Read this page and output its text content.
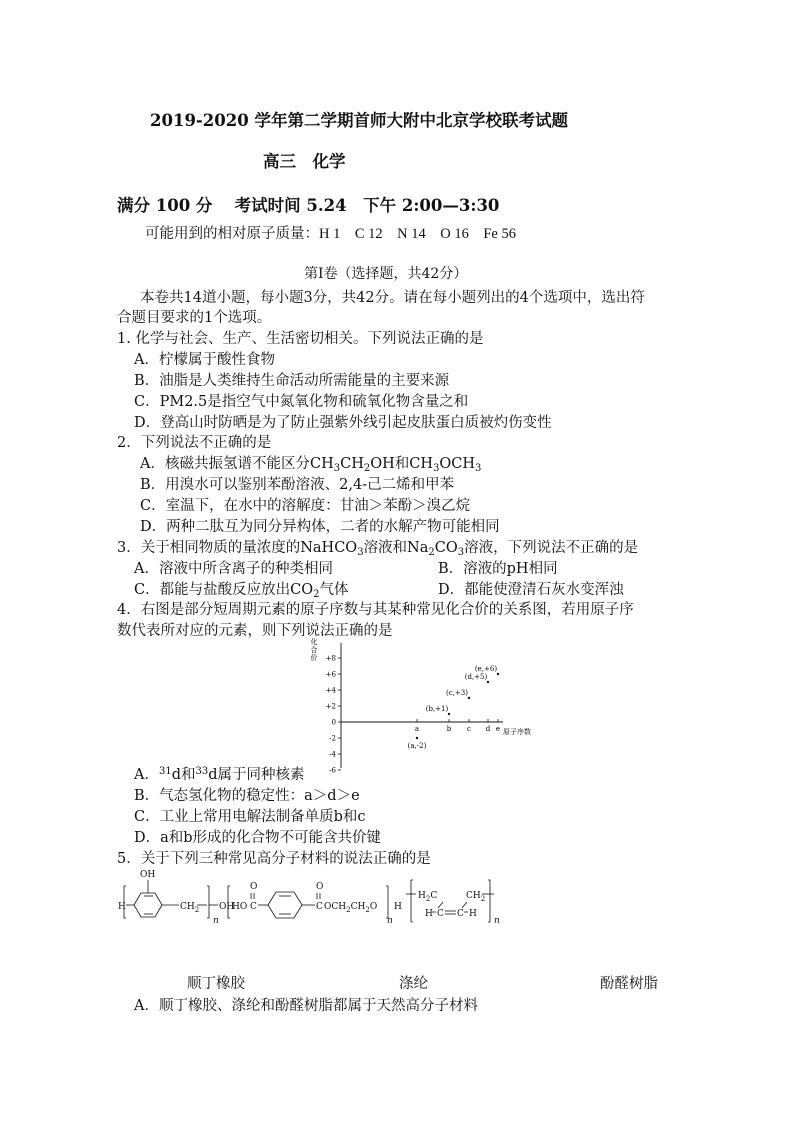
2019-2020 学年第二学期首师大附中北京学校联考试题
高三　化学
满分 100 分　 考试时间 5.24　下午 2:00—3:30
可能用到的相对原子质量：H 1　C 12　N 14　O 16　Fe 56
第Ⅰ卷（选择题，共42分）
本卷共14道小题，每小题3分，共42分。请在每小题列出的4个选项中，选出符
合题目要求的1个选项。
1. 化学与社会、生产、生活密切相关。下列说法正确的是
A．柠檬属于酸性食物
B．油脂是人类维持生命活动所需能量的主要来源
C．PM2.5是指空气中氮氧化物和硫氧化物含量之和
D．登高山时防晒是为了防止强紫外线引起皮肤蛋白质被灼伤变性
2．下列说法不正确的是
A．核磁共振氢谱不能区分$CH_3CH_2OH$和$CH_3OCH_3$
B．用溴水可以鉴别苯酚溶液、2,4-己二烯和甲苯
C．室温下，在水中的溶解度：甘油＞苯酚＞溴乙烷
D．两种二肽互为同分异构体，二者的水解产物可能相同
3．关于相同物质的量浓度的NaHCO$_3$溶液和$Na_2CO_3$溶液，下列说法不正确的是
A．溶液中所含离子的种类相同	B．溶液的pH相同
C．都能与盐酸反应放出$CO_2$气体	D．都能使澄清石灰水变浑浊
4．右图是部分短周期元素的原子序数与其某种常见化合价的关系图，若用原子序
数代表所对应的元素，则下列说法正确的是
化合价
原子序数
+8
+6
+4
+2
0
-2
-4
-6
a
(a,-2)
b
(b,+1)
c
(c,+3)
d
(d,+5)
e
(e,+6)
A．$^{31}$d和$^{33}$d属于同种核素
B．气态氢化物的稳定性：a＞d＞e
C．工业上常用电解法制备单质b和c
D．a和b形成的化合物不可能含共价键
5．关于下列三种常见高分子材料的说法正确的是
H
OH
$CH_2$
n
OH
HO C
O
C
O
$OCH_2CH_2O$
n
H
$H_2C$	$CH_2$
H C C H
n
顺丁橡胶	涤纶	酚醛树脂
A．顺丁橡胶、涤纶和酚醛树脂都属于天然高分子材料
